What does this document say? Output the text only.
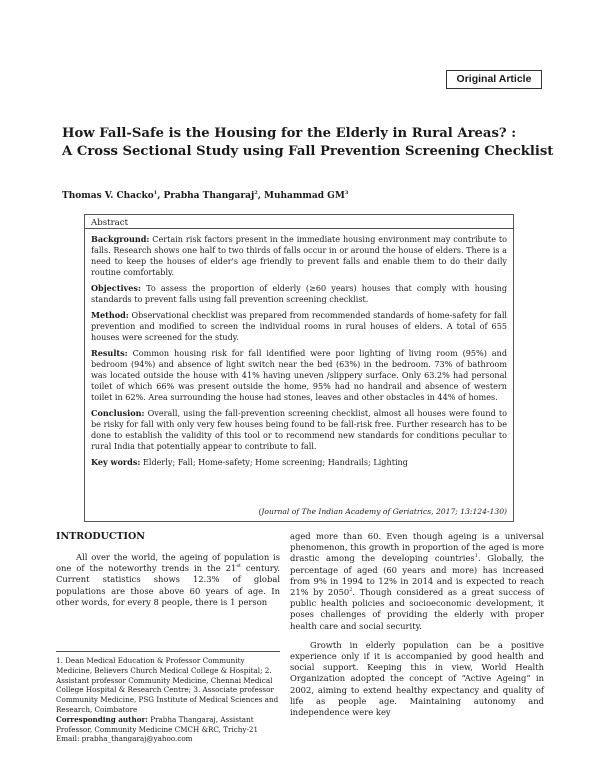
Original Article
How Fall-Safe is the Housing for the Elderly in Rural Areas? :
A Cross Sectional Study using Fall Prevention Screening Checklist
Thomas V. Chacko$^1$, Prabha Thangaraj$^2$, Muhammad $GM^3$
Abstract

Background: Certain risk factors present in the immediate housing environment may contribute to falls. Research shows one half to two thirds of falls occur in or around the house of elders. There is a need to keep the houses of elder's age friendly to prevent falls and enable them to do their daily routine comfortably.

Objectives: To assess the proportion of elderly (≥60 years) houses that comply with housing standards to prevent falls using fall prevention screening checklist.

Method: Observational checklist was prepared from recommended standards of home-safety for fall prevention and modified to screen the individual rooms in rural houses of elders. A total of 655 houses were screened for the study.

Results: Common housing risk for fall identified were poor lighting of living room (95%) and bedroom (94%) and absence of light switch near the bed (63%) in the bedroom. 73% of bathroom was located outside the house with 41% having uneven /slippery surface. Only 63.2% had personal toilet of which 66% was present outside the home, 95% had no handrail and absence of western toilet in 62%. Area surrounding the house had stones, leaves and other obstacles in 44% of homes.

Conclusion: Overall, using the fall-prevention screening checklist, almost all houses were found to be risky for fall with only very few houses being found to be fall-risk free. Further research has to be done to establish the validity of this tool or to recommend new standards for conditions peculiar to rural India that potentially appear to contribute to fall.

Key words: Elderly; Fall; Home-safety; Home screening; Handrails; Lighting

(Journal of The Indian Academy of Geriatrics, 2017; 13:124-130)
INTRODUCTION

All over the world, the ageing of population is one of the noteworthy trends in the 21st century. Current statistics shows 12.3% of global populations are those above 60 years of age. In other words, for every 8 people, there is 1 person

1. Dean Medical Education & Professor Community Medicine, Believers Church Medical College & Hospital; 2. Assistant professor Community Medicine, Chennai Medical College Hospital & Research Centre; 3. Associate professor Community Medicine, PSG Institute of Medical Sciences and Research, Coimbatore
Corresponding author: Prabha Thangaraj, Assistant Professor, Community Medicine CMCH &RC, Trichy-21 Email: prabha_thangaraj@yahoo.com

aged more than 60. Even though ageing is a universal phenomenon, this growth in proportion of the aged is more drastic among the developing countries$^1$. Globally, the percentage of aged (60 years and more) has increased from 9% in 1994 to 12% in 2014 and is expected to reach 21% by 2050$^2$. Though considered as a great success of public health policies and socioeconomic development, it poses challenges of providing the elderly with proper health care and social security.

Growth in elderly population can be a positive experience only if it is accompanied by good health and social support. Keeping this in view, World Health Organization adopted the concept of “Active Ageing” in 2002, aiming to extend healthy expectancy and quality of life as people age. Maintaining autonomy and independence were key
